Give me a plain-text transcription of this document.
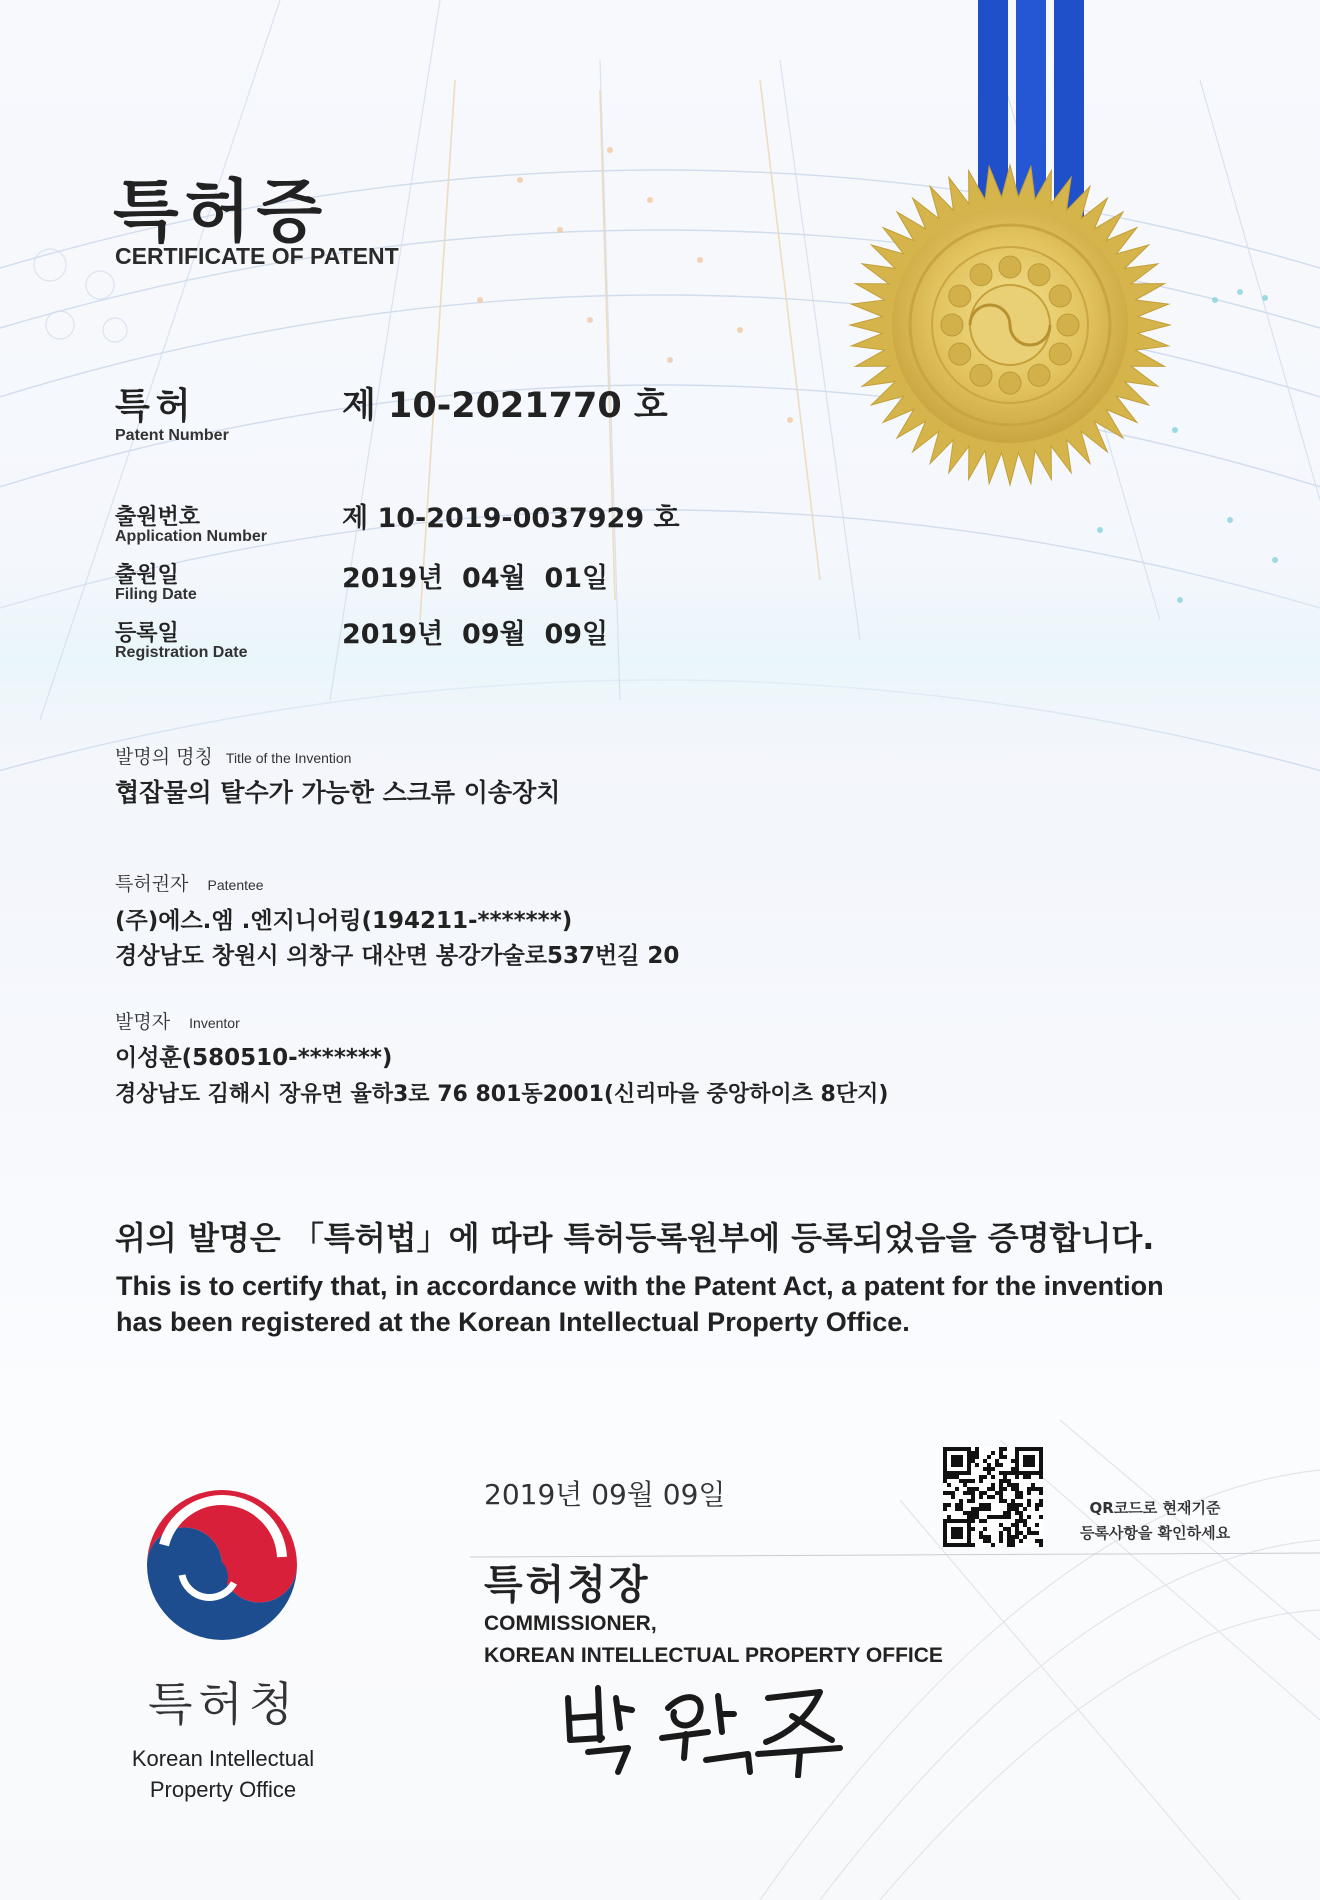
특허증
CERTIFICATE OF PATENT
특허
Patent Number
제 10-2021770 호
출원번호
Application Number
제 10-2019-0037929 호
출원일
Filing Date
2019년  04월  01일
등록일
Registration Date
2019년  09월  09일
발명의 명칭 Title of the Invention
협잡물의 탈수가 가능한 스크류 이송장치
특허권자 Patentee
(주)에스.엠 .엔지니어링(194211-*******)
경상남도 창원시 의창구 대산면 봉강가술로537번길 20
발명자 Inventor
이성훈(580510-*******)
경상남도 김해시 장유면 율하3로 76 801동2001(신리마을 중앙하이츠 8단지)
위의 발명은 「특허법」에 따라 특허등록원부에 등록되었음을 증명합니다.
This is to certify that, in accordance with the Patent Act, a patent for the invention
has been registered at the Korean Intellectual Property Office.
2019년 09월 09일
특허청장
COMMISSIONER,
KOREAN INTELLECTUAL PROPERTY OFFICE
QR코드로 현재기준
등록사항을 확인하세요
특허청
Korean Intellectual
Property Office
